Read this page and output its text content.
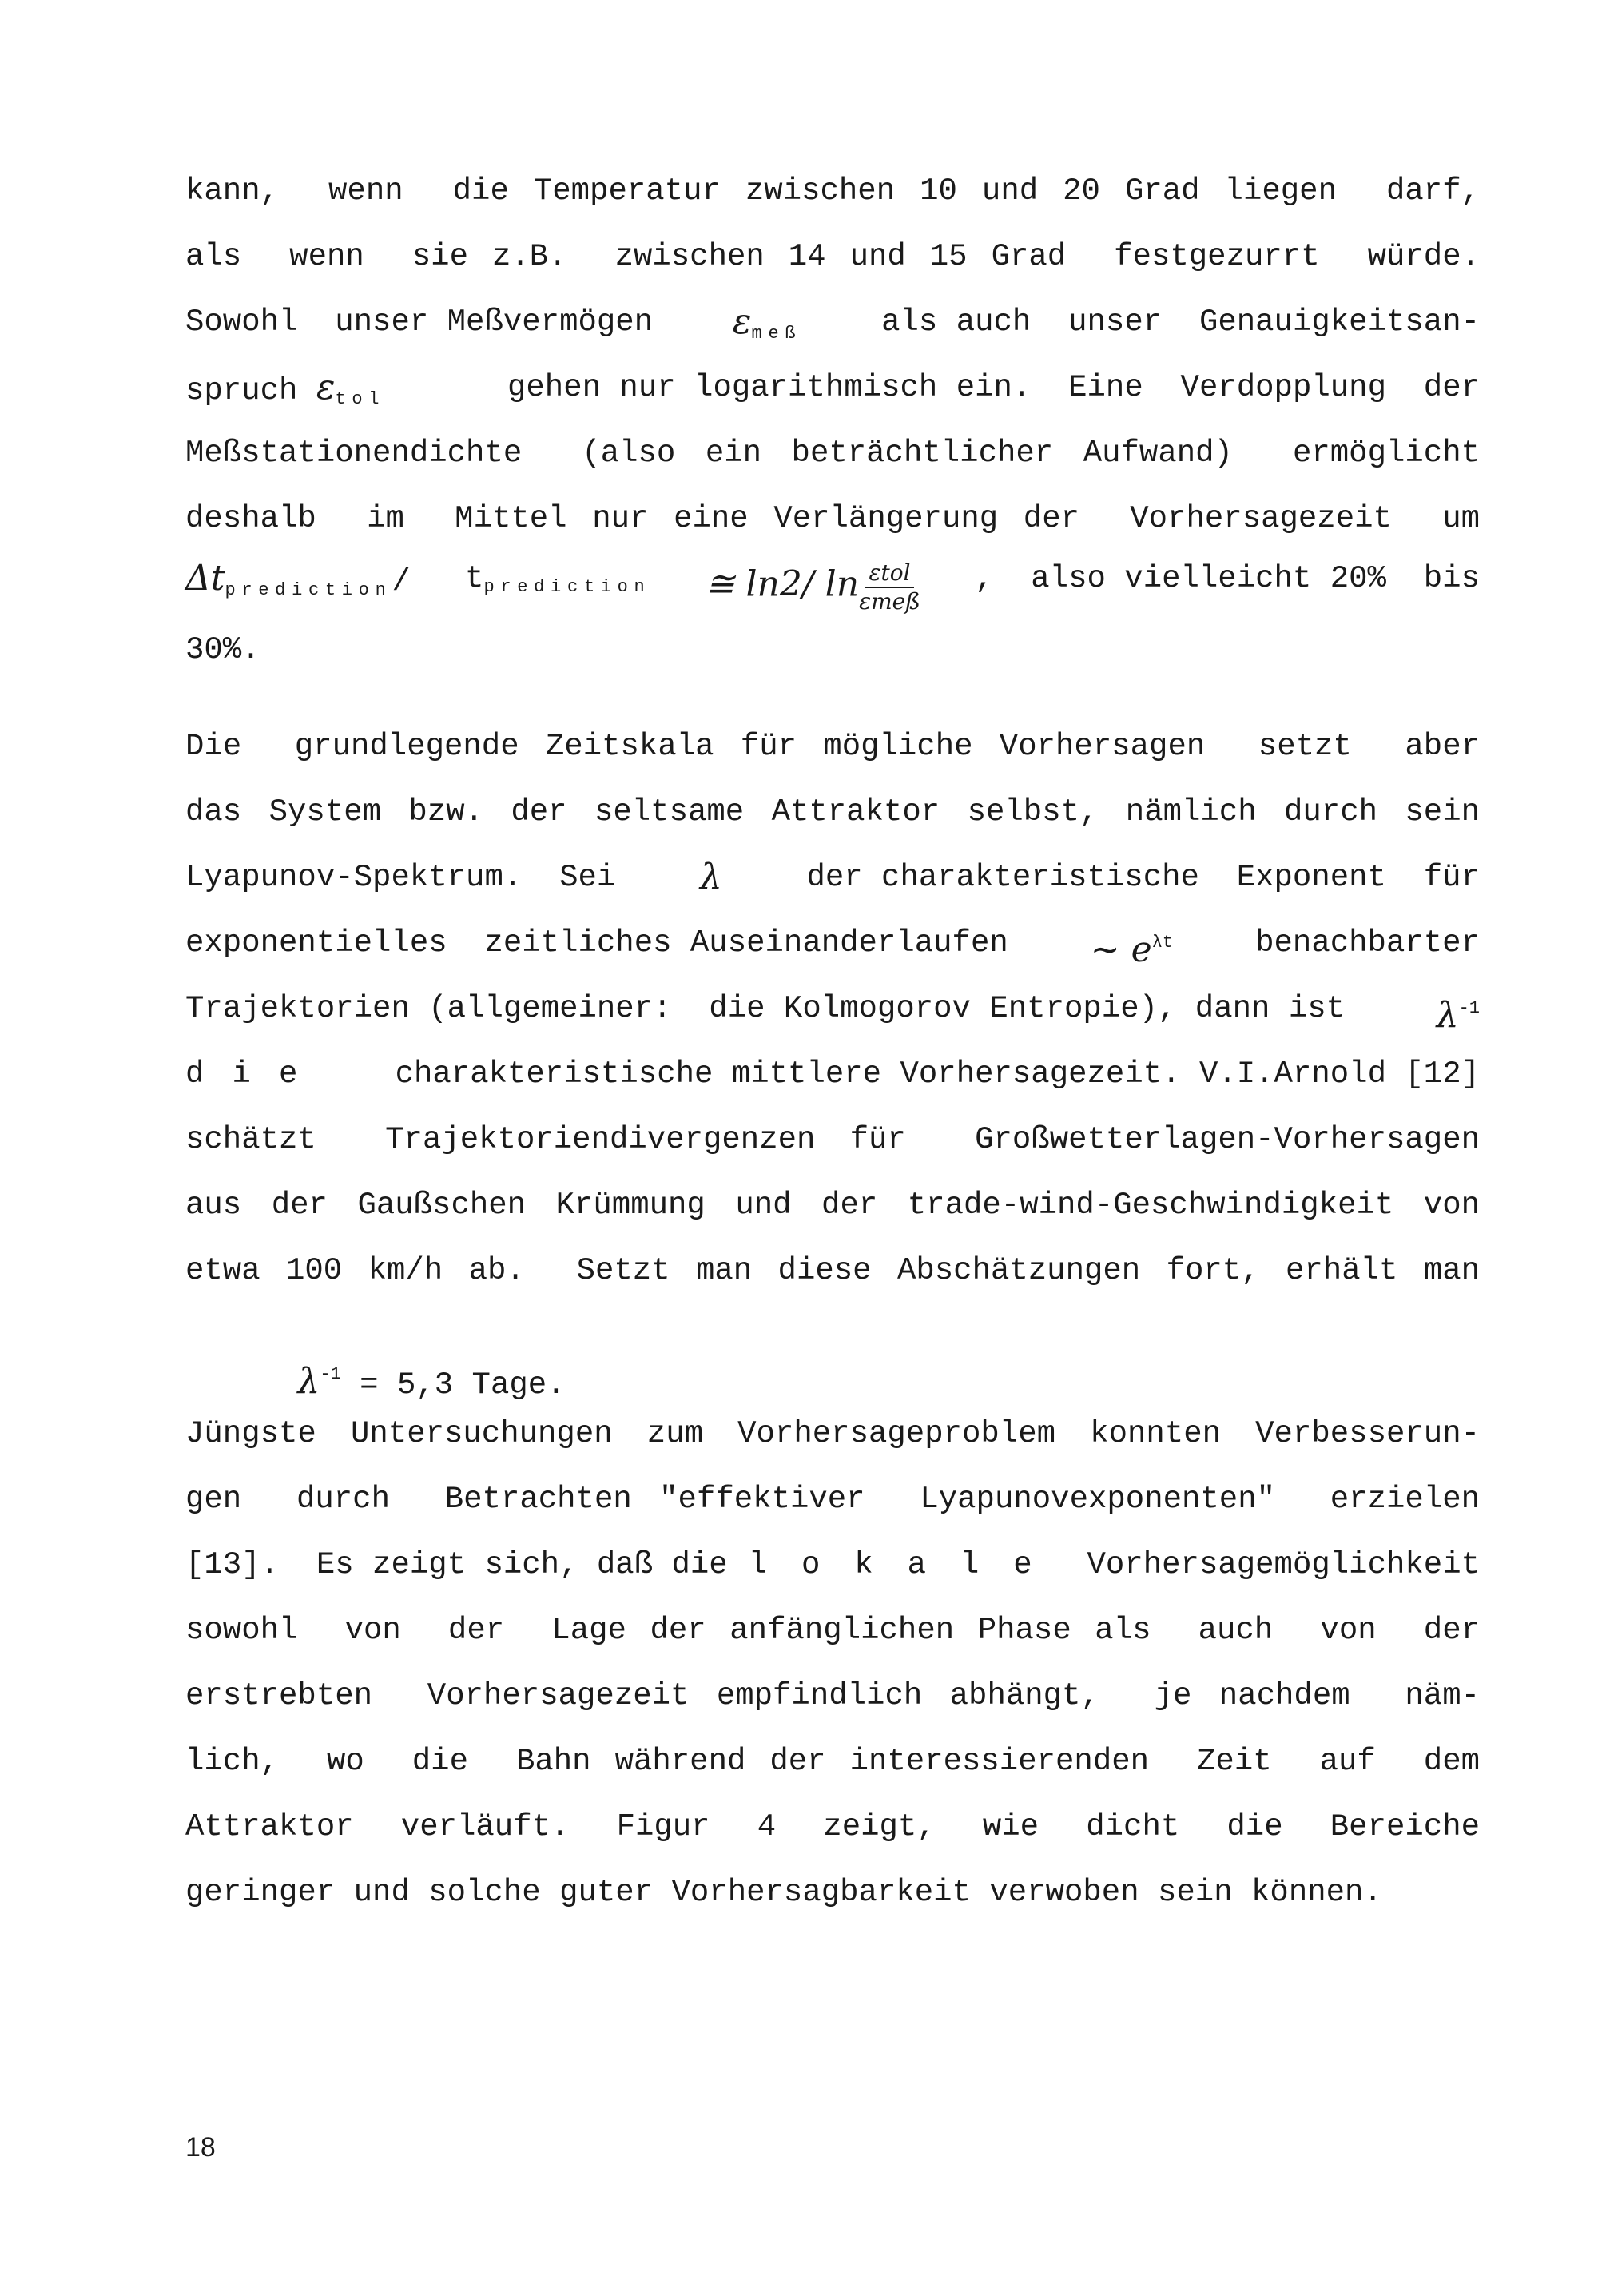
kann,  wenn  die Temperatur zwischen 10 und 20 Grad liegen  darf,
als  wenn  sie z.B.  zwischen 14 und 15 Grad  festgezurrt  würde.
Sowohl  unser Meßvermögen $\varepsilon_{meß}$	als auch  unser  Genauigkeitsan-
spruch $\varepsilon_{tol}$	gehen nur logarithmisch ein.  Eine  Verdopplung  der
Meßstationendichte  (also ein beträchtlicher Aufwand)  ermöglicht
deshalb  im  Mittel nur eine Verlängerung der  Vorhersagezeit  um
$\Delta t_{prediction}/$ $t_{prediction}$ ≅ ln2/ $\ln \frac{\text{εtol}}{\text{εmeß}}$ ,  also vielleicht 20%  bis
30%.
Die  grundlegende Zeitskala für mögliche Vorhersagen  setzt  aber
das System bzw. der seltsame Attraktor selbst, nämlich durch sein
Lyapunov-Spektrum.  Sei λ	der charakteristische  Exponent  für
exponentielles  zeitliches Auseinanderlaufen ∼ $e^{\lambda t}$	benachbarter
Trajektorien (allgemeiner:  die Kolmogorov Entropie), dann ist	$\lambda^{-1}$
die charakteristische mittlere Vorhersagezeit. V.I.Arnold [12]
schätzt  Trajektoriendivergenzen für  Großwetterlagen-Vorhersagen
aus der Gaußschen Krümmung und der trade-wind-Geschwindigkeit von
etwa 100 km/h ab.  Setzt man diese Abschätzungen fort, erhält man

$\lambda^{-1} = 5,3$ Tage.

Jüngste Untersuchungen zum Vorhersageproblem konnten Verbesserun-
gen  durch  Betrachten "effektiver  Lyapunovexponenten"  erzielen
[13].  Es zeigt sich, daß die lokale Vorhersagemöglichkeit
sowohl  von  der  Lage der anfänglichen Phase als  auch  von  der
erstrebten  Vorhersagezeit empfindlich abhängt,  je nachdem  näm-
lich,  wo  die  Bahn während der interessierenden  Zeit  auf  dem
Attraktor  verläuft.  Figur  4  zeigt,  wie  dicht  die  Bereiche
geringer und solche guter Vorhersagbarkeit verwoben sein können.
18
